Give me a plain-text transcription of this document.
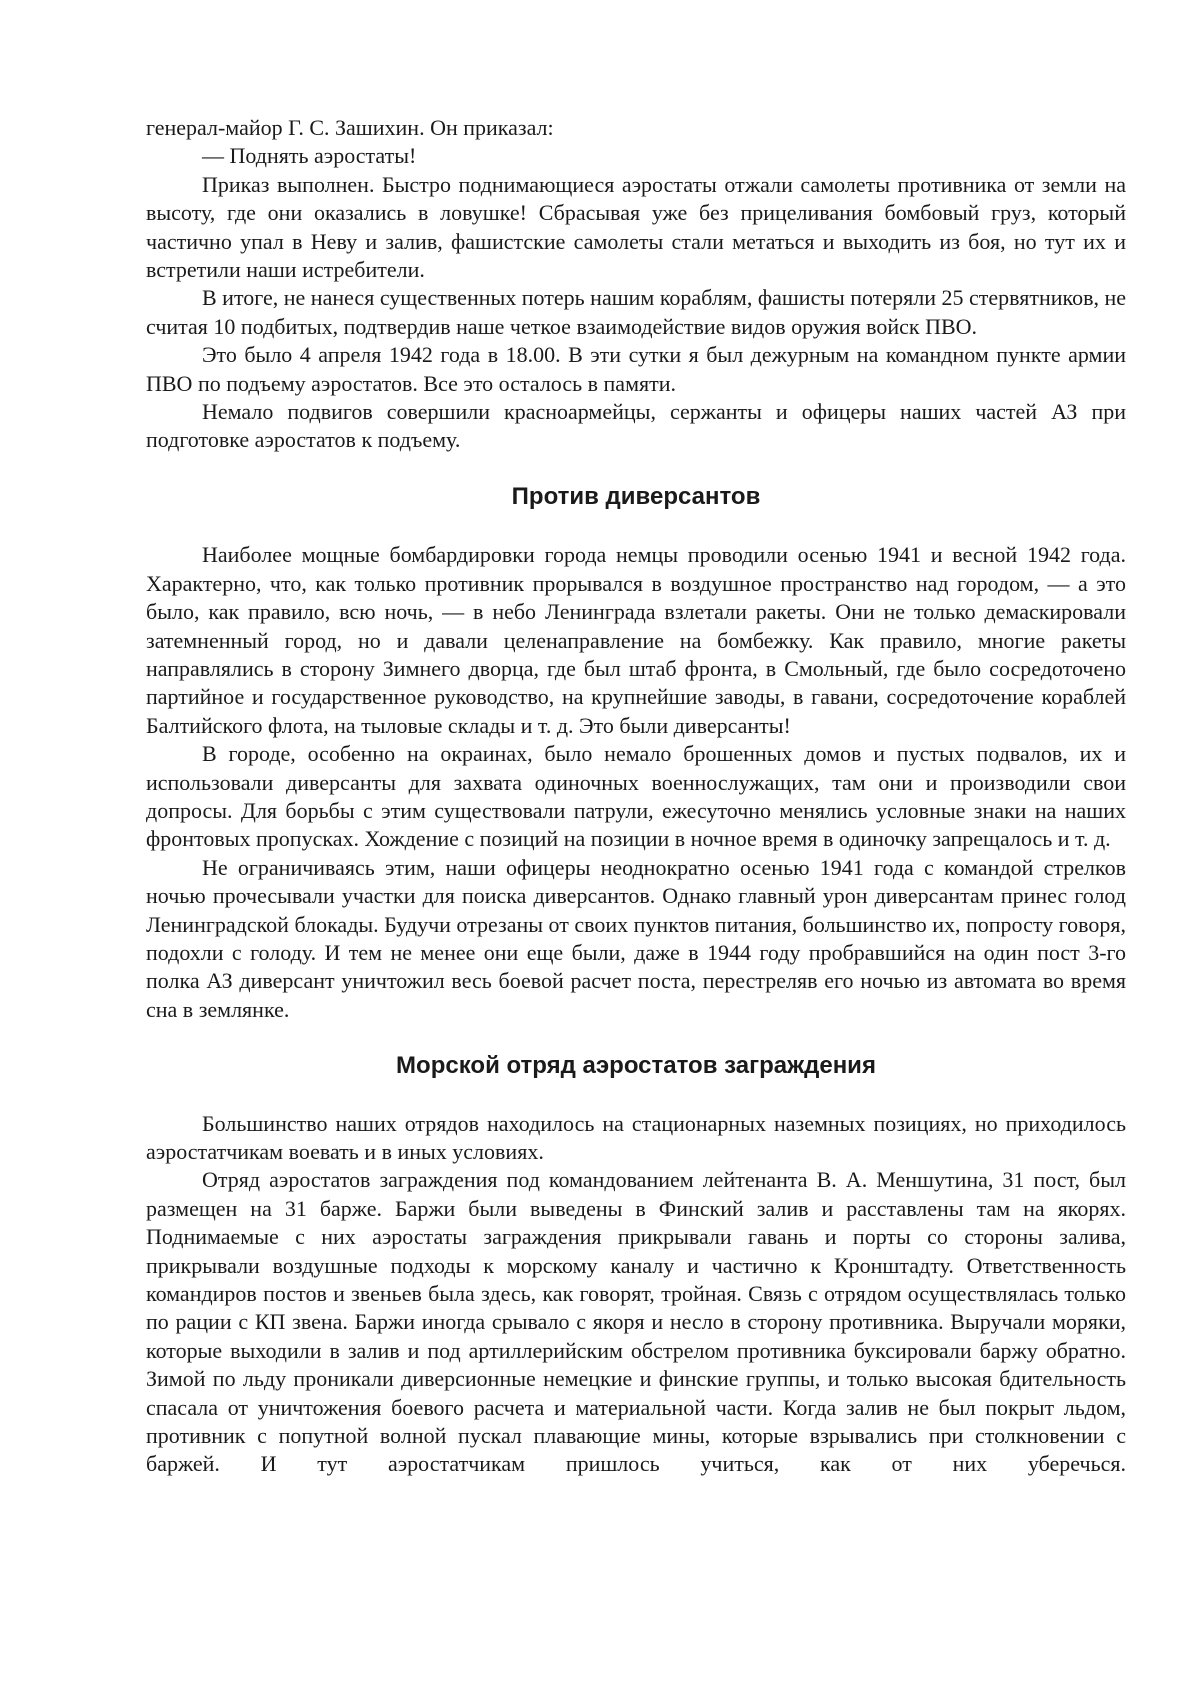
генерал-майор Г. С. Зашихин. Он приказал:

— Поднять аэростаты!

Приказ выполнен. Быстро поднимающиеся аэростаты отжали самолеты противника от земли на высоту, где они оказались в ловушке! Сбрасывая уже без прицеливания бомбовый груз, который частично упал в Неву и залив, фашистские самолеты стали метаться и выходить из боя, но тут их и встретили наши истребители.

В итоге, не нанеся существенных потерь нашим кораблям, фашисты потеряли 25 стервятников, не считая 10 подбитых, подтвердив наше четкое взаимодействие видов оружия войск ПВО.

Это было 4 апреля 1942 года в 18.00. В эти сутки я был дежурным на командном пункте армии ПВО по подъему аэростатов. Все это осталось в памяти.

Немало подвигов совершили красноармейцы, сержанты и офицеры наших частей АЗ при подготовке аэростатов к подъему.

Против диверсантов

Наиболее мощные бомбардировки города немцы проводили осенью 1941 и весной 1942 года. Характерно, что, как только противник прорывался в воздушное пространство над городом, — а это было, как правило, всю ночь, — в небо Ленинграда взлетали ракеты. Они не только демаскировали затемненный город, но и давали целенаправление на бомбежку. Как правило, многие ракеты направлялись в сторону Зимнего дворца, где был штаб фронта, в Смольный, где было сосредоточено партийное и государственное руководство, на крупнейшие заводы, в гавани, сосредоточение кораблей Балтийского флота, на тыловые склады и т. д. Это были диверсанты!

В городе, особенно на окраинах, было немало брошенных домов и пустых подвалов, их и использовали диверсанты для захвата одиночных военнослужащих, там они и производили свои допросы. Для борьбы с этим существовали патрули, ежесуточно менялись условные знаки на наших фронтовых пропусках. Хождение с позиций на позиции в ночное время в одиночку запрещалось и т. д.

Не ограничиваясь этим, наши офицеры неоднократно осенью 1941 года с командой стрелков ночью прочесывали участки для поиска диверсантов. Однако главный урон диверсантам принес голод Ленинградской блокады. Будучи отрезаны от своих пунктов питания, большинство их, попросту говоря, подохли с голоду. И тем не менее они еще были, даже в 1944 году пробравшийся на один пост 3-го полка АЗ диверсант уничтожил весь боевой расчет поста, перестреляв его ночью из автомата во время сна в землянке.

Морской отряд аэростатов заграждения

Большинство наших отрядов находилось на стационарных наземных позициях, но приходилось аэростатчикам воевать и в иных условиях.

Отряд аэростатов заграждения под командованием лейтенанта В. А. Меншутина, 31 пост, был размещен на 31 барже. Баржи были выведены в Финский залив и расставлены там на якорях. Поднимаемые с них аэростаты заграждения прикрывали гавань и порты со стороны залива, прикрывали воздушные подходы к морскому каналу и частично к Кронштадту. Ответственность командиров постов и звеньев была здесь, как говорят, тройная. Связь с отрядом осуществлялась только по рации с КП звена. Баржи иногда срывало с якоря и несло в сторону противника. Выручали моряки, которые выходили в залив и под артиллерийским обстрелом противника буксировали баржу обратно. Зимой по льду проникали диверсионные немецкие и финские группы, и только высокая бдительность спасала от уничтожения боевого расчета и материальной части. Когда залив не был покрыт льдом, противник с попутной волной пускал плавающие мины, которые взрывались при столкновении с баржей. И тут аэростатчикам пришлось учиться, как от них уберечься.
